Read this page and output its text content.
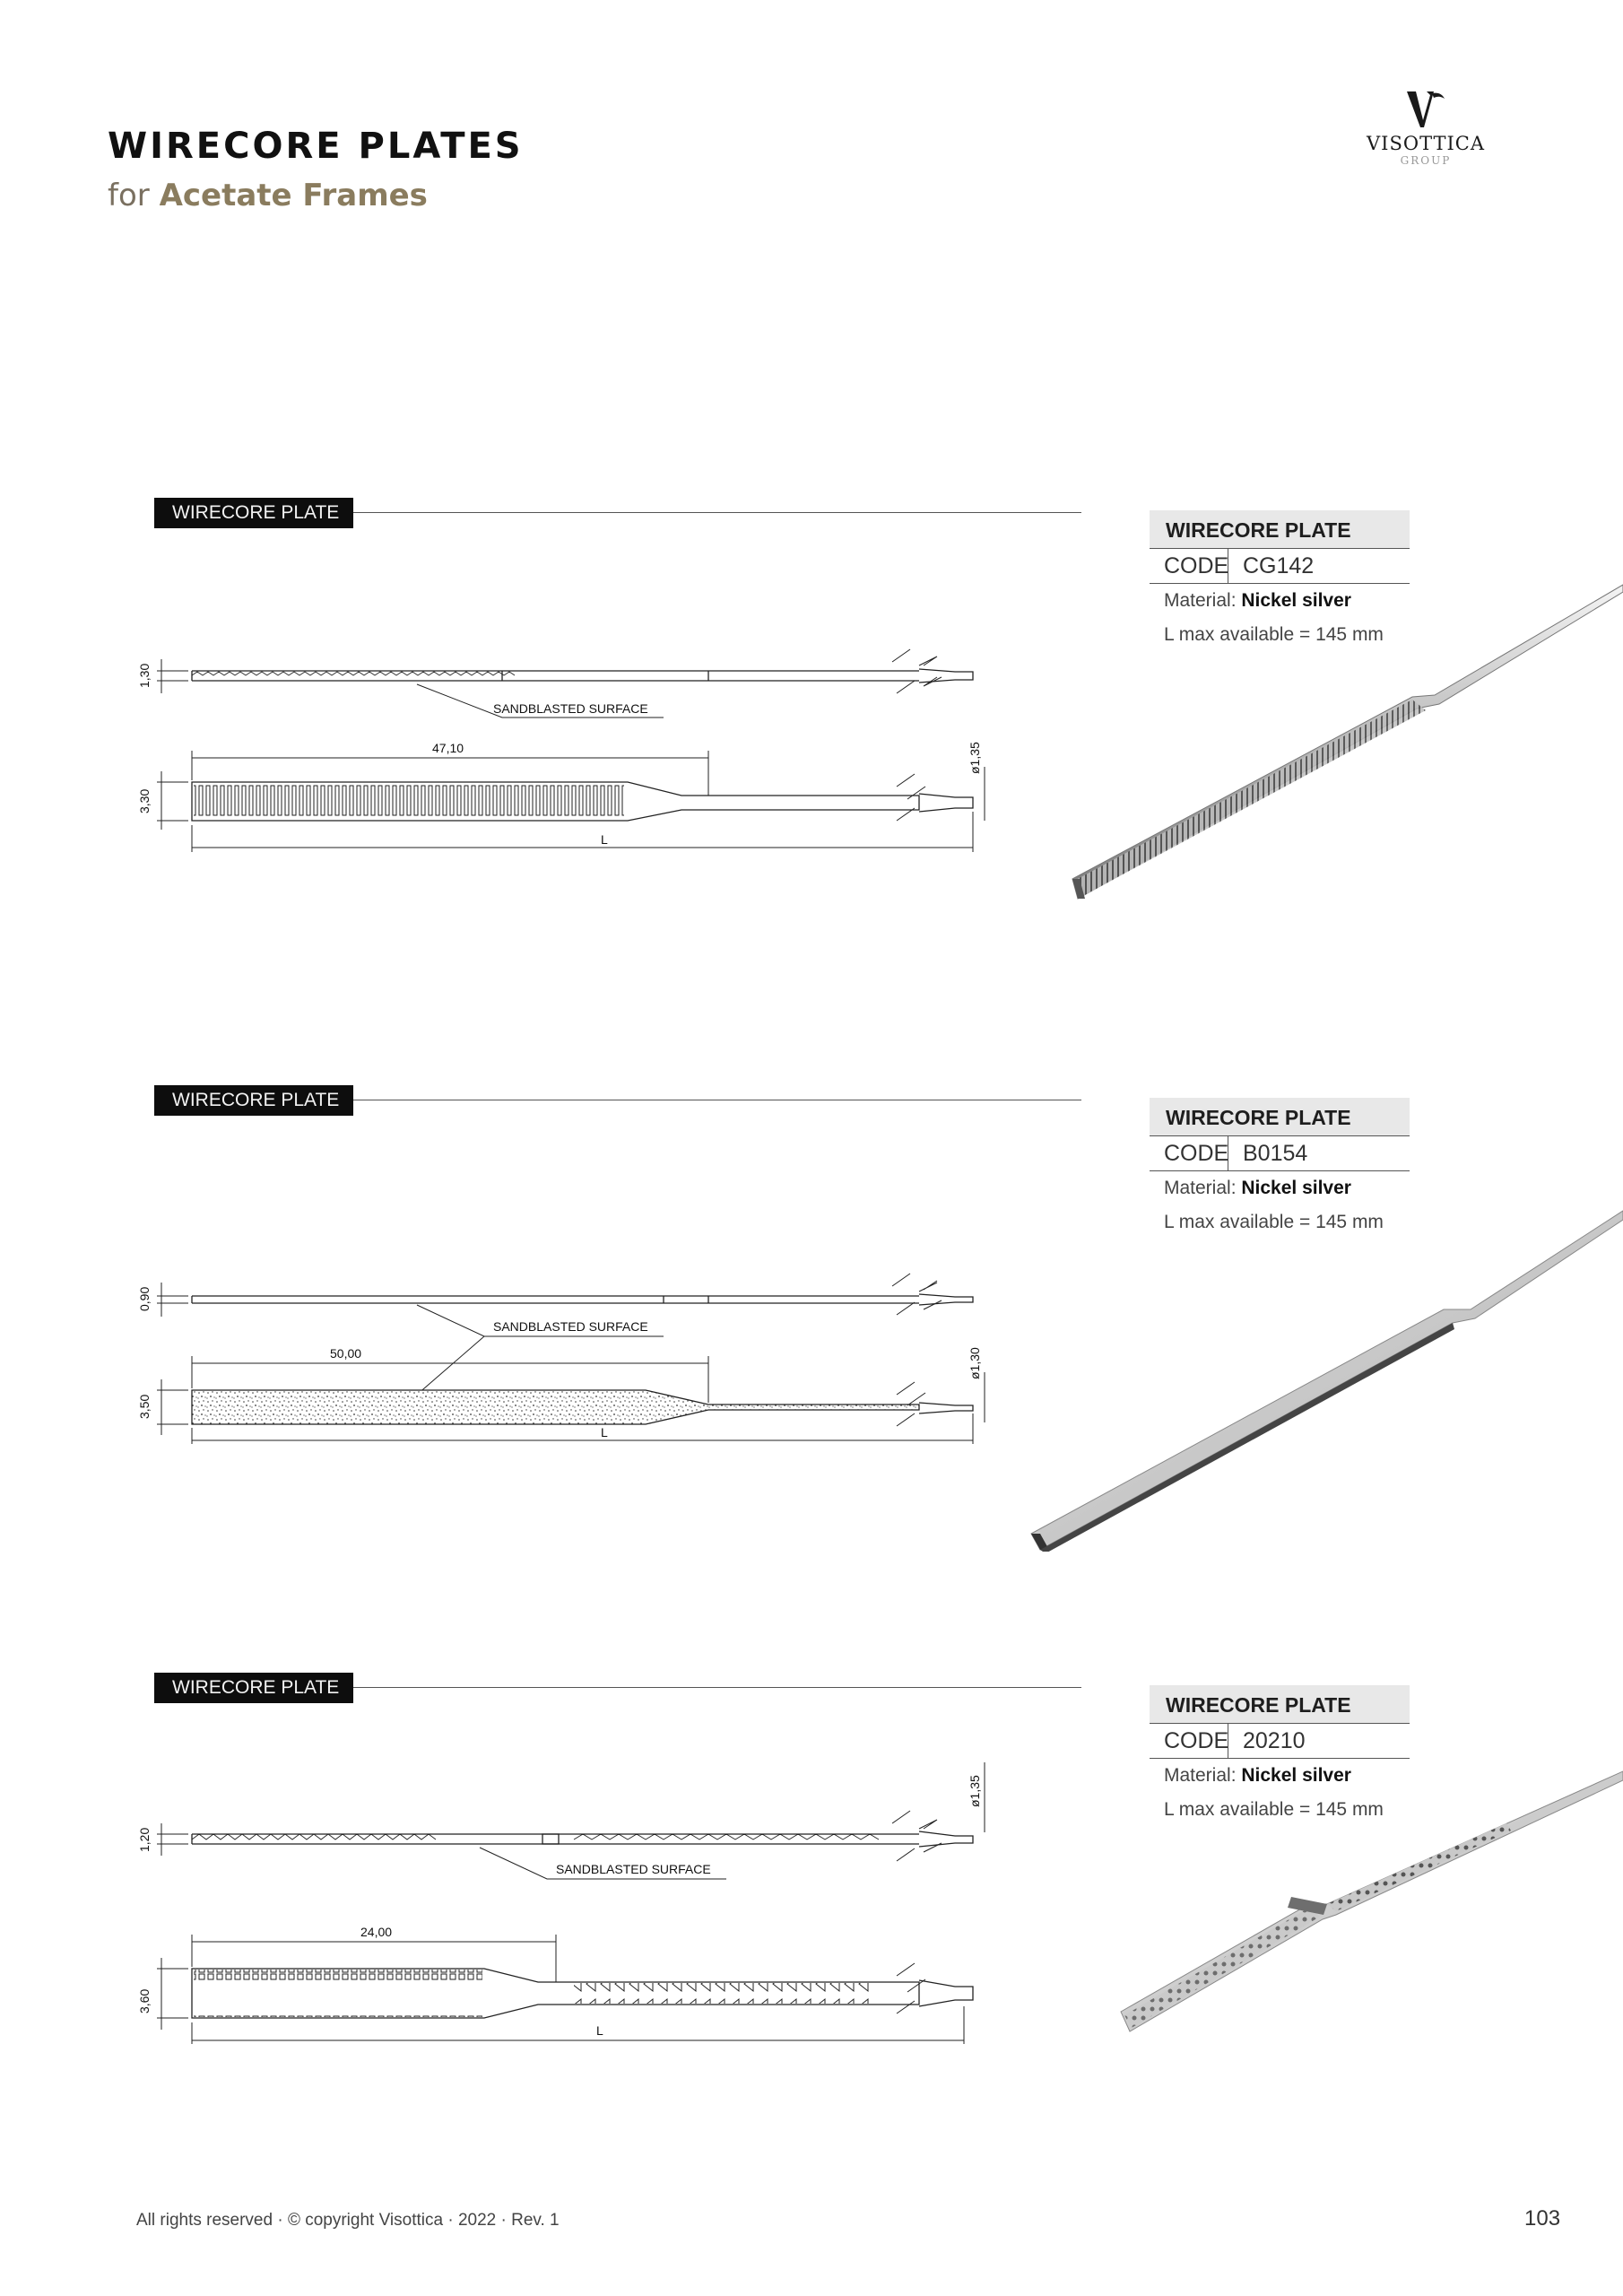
WIRECORE PLATES
for Acetate Frames
VISOTTICA
GROUP
WIRECORE PLATE
1,30
SANDBLASTED SURFACE
47,10
3,30
ø1,35
L
WIRECORE PLATE
CODE CG142
Material: Nickel silver
L max available = 145 mm
WIRECORE PLATE
0,90
SANDBLASTED SURFACE
50,00
3,50
ø1,30
L
WIRECORE PLATE
CODE B0154
Material: Nickel silver
L max available = 145 mm
WIRECORE PLATE
1,20
SANDBLASTED SURFACE
24,00
3,60
ø1,35
L
WIRECORE PLATE
CODE 20210
Material: Nickel silver
L max available = 145 mm
All rights reserved · © copyright Visottica · 2022 · Rev. 1	103
